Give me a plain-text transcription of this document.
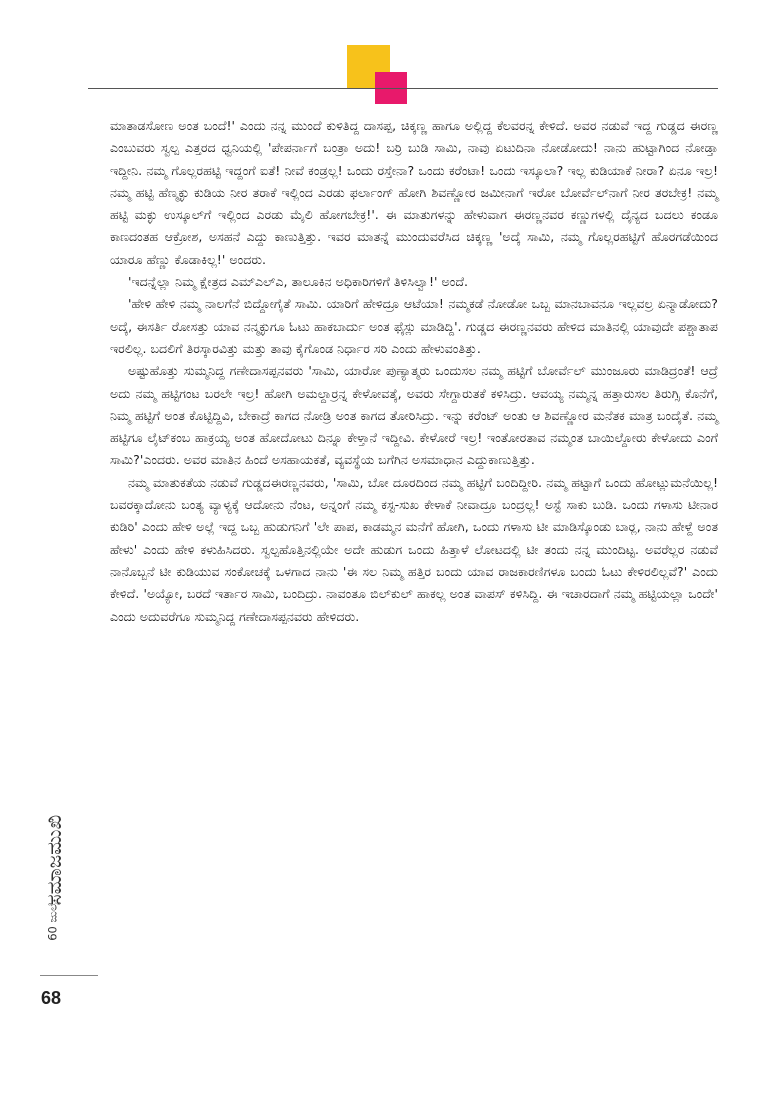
ಮಾತಾಡಸೋಣ ಅಂತ ಬಂದೆ!' ಎಂದು ನನ್ನ ಮುಂದೆ ಕುಳಿತಿದ್ದ ದಾಸಪ್ಪ, ಚಿಕ್ಕಣ್ಣ ಹಾಗೂ ಅಲ್ಲಿದ್ದ ಕೆಲವರನ್ನ ಕೇಳಿದೆ. ಅವರ ನಡುವೆ ಇದ್ದ ಗುಡ್ಡದ ಈರಣ್ಣ ಎಂಬುವರು ಸ್ವಲ್ಪ ಎತ್ತರದ ಧ್ವನಿಯಲ್ಲಿ 'ಪೇಪರ್ನಾಗೆ ಬಂತ್ರಾ ಅದು! ಬರ್ರಿ ಬುಡಿ ಸಾಮಿ, ನಾವು ಏಟುದಿನಾ ನೋಡೋದು! ನಾನು ಹುಟ್ಟಾಗಿಂದ ನೋಡ್ತಾ ಇದ್ದೀನಿ. ನಮ್ಮ ಗೊಲ್ಲರಹಟ್ಟಿ ಇದ್ದಂಗೆ ಐತೆ! ನೀವೆ ಕಂಡ್ರಲ್ಲ! ಒಂದು ರಸ್ತೇನಾ? ಒಂದು ಕರೆಂಟಾ! ಒಂದು ಇಸ್ಕೂಲಾ? ಇಲ್ಲ ಕುಡಿಯಾಕೆ ನೀರಾ? ಏನೂ ಇಲ್ರ! ನಮ್ಮ ಹಟ್ಟಿ ಹೆಣ್ಮಕ್ಳು ಕುಡಿಯ ನೀರ ತರಾಕೆ ಇಲ್ಲಿಂದ ಎರಡು ಫರ್ಲಾಂಗ್ ಹೋಗಿ ಶಿವಣ್ಣೋರ ಜಮೀನಾಗೆ ಇರೋ ಬೋರ್ವೆಲ್‌ನಾಗೆ ನೀರ ತರಬೇಕ್ರ! ನಮ್ಮ ಹಟ್ಟಿ ಮಕ್ಳು ಉಸ್ಕೂಲ್‌ಗೆ ಇಲ್ಲಿಂದ ಎರಡು ಮೈಲಿ ಹೋಗಬೇಕ್ರ!'. ಈ ಮಾತುಗಳನ್ನು ಹೇಳುವಾಗ ಈರಣ್ಣನವರ ಕಣ್ಣುಗಳಲ್ಲಿ ದೈನ್ಯದ ಬದಲು ಕಂಡೂ ಕಾಣದಂತಹ ಆಕ್ರೋಶ, ಅಸಹನೆ ಎದ್ದು ಕಾಣುತ್ತಿತ್ತು. ಇವರ ಮಾತನ್ನೆ ಮುಂದುವರೆಸಿದ ಚಿಕ್ಕಣ್ಣ 'ಅದ್ಕೆ ಸಾಮಿ, ನಮ್ಮ ಗೊಲ್ಲರಹಟ್ಟಿಗೆ ಹೊರಗಡೆಯಿಂದ ಯಾರೂ ಹೆಣ್ಣು ಕೊಡಾಕಿಲ್ಲ!' ಅಂದರು.

'ಇದನ್ನೆಲ್ಲಾ ನಿಮ್ಮ ಕ್ಷೇತ್ರದ ಎಮ್ಎಲ್ಎ, ತಾಲೂಕಿನ ಅಧಿಕಾರಿಗಳಿಗೆ ತಿಳಿಸಿಲ್ವಾ!' ಅಂದೆ.

'ಹೇಳಿ ಹೇಳಿ ನಮ್ಮ ನಾಲಗೆನೆ ಬಿದ್ದೋಗೈತೆ ಸಾಮಿ. ಯಾರಿಗೆ ಹೇಳಿದ್ರೂ ಆಟೆಯಾ! ನಮ್ಮಕಡೆ ನೋಡೋ ಒಬ್ಬ ಮಾನಬಾವನೂ ಇಲ್ಲವಲ್ರ ಏನ್ಮಾಡೋದು? ಅದ್ಕೆ, ಈಸರ್ತಿ ರೋಸತ್ತು ಯಾವ ನನ್ಮಕ್ಳುಗೂ ಓಟು ಹಾಕಬಾರ್ದು ಅಂತ ಫೈಸ್ಲು ಮಾಡಿದ್ದಿ'. ಗುಡ್ಡದ ಈರಣ್ಣನವರು ಹೇಳಿದ ಮಾತಿನಲ್ಲಿ ಯಾವುದೇ ಪಶ್ಚಾತಾಪ ಇರಲಿಲ್ಲ. ಬದಲಿಗೆ ತಿರಸ್ಕಾರವಿತ್ತು ಮತ್ತು ತಾವು ಕೈಗೊಂಡ ನಿರ್ಧಾರ ಸರಿ ಎಂದು ಹೇಳುವಂತಿತ್ತು.

ಅಷ್ಟುಹೊತ್ತು ಸುಮ್ಮನಿದ್ದ ಗಣೇದಾಸಪ್ಪನವರು 'ಸಾಮಿ, ಯಾರೋ ಪುಣ್ಯಾತ್ಮರು ಒಂದುಸಲ ನಮ್ಮ ಹಟ್ಟಿಗೆ ಬೋರ್ವೆಲ್ ಮುಂಜೂರು ಮಾಡಿದ್ರಂತೆ! ಆದ್ರೆ ಅದು ನಮ್ಮ ಹಟ್ಟಿಗಂಟ ಬರಲೇ ಇಲ್ರ! ಹೋಗಿ ಅಮಲ್ದಾರ್ರನ್ನ ಕೇಳೋವತ್ಕೆ, ಅವರು ಸೇಗ್ದಾರುತಕೆ ಕಳಿಸಿದ್ರು. ಆವಯ್ಯ ನಮ್ಮನ್ನ ಹತ್ತಾರುಸಲ ತಿರುಗ್ಸಿ ಕೊನೆಗೆ, ನಿಮ್ಮ ಹಟ್ಟಿಗೆ ಅಂತ ಕೊಟ್ಟಿದ್ದಿವಿ, ಬೇಕಾದ್ರೆ ಕಾಗದ ನೋಡ್ರಿ ಅಂತ ಕಾಗದ ತೋರಿಸಿದ್ರು. ಇನ್ನು ಕರೆಂಟ್ ಅಂತು ಆ ಶಿವಣ್ಣೋರ ಮನೆತಕ ಮಾತ್ರ ಬಂದೈತೆ. ನಮ್ಮ ಹಟ್ಟಿಗೂ ಲೈಟ್‌ಕಂಬ ಹಾಕ್ರಯ್ಯ ಅಂತ ಹೋದೋಟು ದಿನ್ನೂ ಕೇಳ್ತಾನೆ ಇದ್ದೀವಿ. ಕೇಳೋರೆ ಇಲ್ರ! ಇಂತೋರತಾವ ನಮ್ಮಂತ ಬಾಯಿಲ್ದೋರು ಕೇಳೋದು ಎಂಗೆ ಸಾಮಿ?'ಎಂದರು. ಅವರ ಮಾತಿನ ಹಿಂದೆ ಅಸಹಾಯಕತೆ, ವ್ಯವಸ್ಥೆಯ ಬಗೆಗಿನ ಅಸಮಾಧಾನ ಎದ್ದುಕಾಣುತ್ತಿತ್ತು.

ನಮ್ಮ ಮಾತುಕತೆಯ ನಡುವೆ ಗುಡ್ಡದಈರಣ್ಣನವರು, 'ಸಾಮಿ, ಬೋ ದೂರದಿಂದ ನಮ್ಮ ಹಟ್ಟಿಗೆ ಬಂದಿದ್ದೀರಿ. ನಮ್ಮ ಹಟ್ಟಾಗೆ ಒಂದು ಹೋಟ್ಲುಮನೆಯಿಲ್ಲ! ಬವರಕ್ಕಾದೋನು ಬಂತ್ಯ ವ್ಯಾಳ್ಯಕ್ಕೆ ಆದೋನು ನೆಂಟ, ಅನ್ನಂಗೆ ನಮ್ಮ ಕಸ್ಟ-ಸುಖ ಕೇಳಾಕೆ ನೀವಾದ್ರೂ ಬಂದ್ರಲ್ಲ! ಅಸ್ಟೆ ಸಾಕು ಬುಡಿ. ಒಂದು ಗಳಾಸು ಟೀನಾರ ಕುಡಿರಿ' ಎಂದು ಹೇಳಿ ಅಲ್ಲೆ ಇದ್ದ ಒಬ್ಬ ಹುಡುಗನಿಗೆ 'ಲೇ ಪಾಪ, ಕಾಡಮ್ಮನ ಮನೆಗೆ ಹೋಗಿ, ಒಂದು ಗಳಾಸು ಟೀ ಮಾಡಿಸ್ಕೊಂಡು ಬಾರ್‍ಲ, ನಾನು ಹೇಳ್ದೆ ಅಂತ ಹೇಳು' ಎಂದು ಹೇಳಿ ಕಳುಹಿಸಿದರು. ಸ್ವಲ್ಪಹೊತ್ತಿನಲ್ಲಿಯೇ ಅದೇ ಹುಡುಗ ಒಂದು ಹಿತ್ತಾಳೆ ಲೋಟದಲ್ಲಿ ಟೀ ತಂದು ನನ್ನ ಮುಂದಿಟ್ಟ. ಅವರೆಲ್ಲರ ನಡುವೆ ನಾನೊಬ್ಬನೆ ಟೀ ಕುಡಿಯುವ ಸಂಕೋಚಕ್ಕೆ ಒಳಗಾದ ನಾನು 'ಈ ಸಲ ನಿಮ್ಮ ಹತ್ತಿರ ಬಂದು ಯಾವ ರಾಜಕಾರಣಿಗಳೂ ಬಂದು ಓಟು ಕೇಳಿರಲಿಲ್ಲವೆ?' ಎಂದು ಕೇಳಿದೆ. 'ಅಯ್ಯೋ, ಬರದೆ ಇರ್ತಾರ ಸಾಮಿ, ಬಂದಿದ್ರು. ನಾವಂತೂ ಬಿಲ್‌ಕುಲ್ ಹಾಕಲ್ಲ ಅಂತ ವಾಪಸ್ ಕಳಿಸಿದ್ದಿ. ಈ ಇಚಾರದಾಗೆ ನಮ್ಮ ಹಟ್ಟಿಯಲ್ಲಾ ಒಂದೇ' ಎಂದು ಅದುವರೆಗೂ ಸುಮ್ಮನಿದ್ದ ಗಣೇದಾಸಪ್ಪನವರು ಹೇಳಿದರು.

ಸಮಾಜಮುಖಿ
60 ಜುಲೈ
68
